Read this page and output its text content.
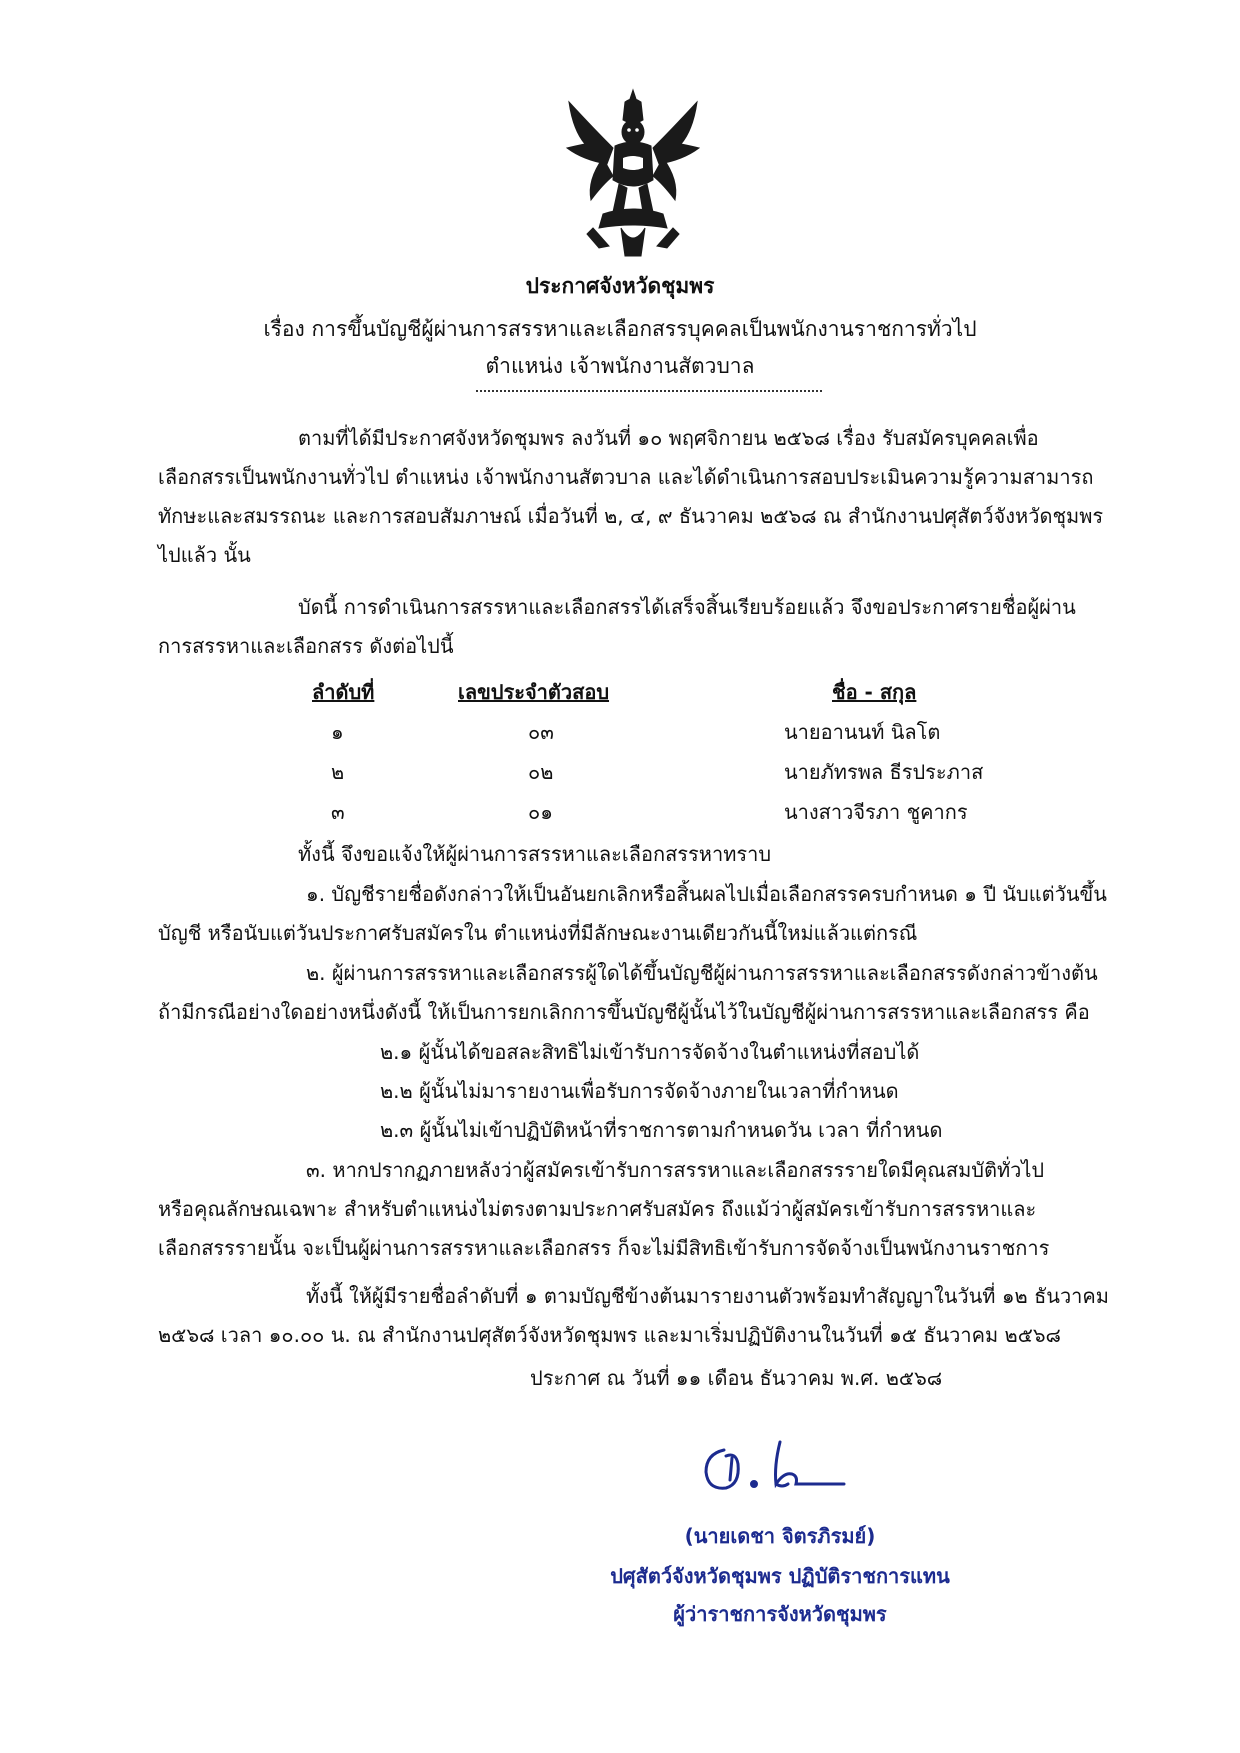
ประกาศจังหวัดชุมพร
เรื่อง การขึ้นบัญชีผู้ผ่านการสรรหาและเลือกสรรบุคคลเป็นพนักงานราชการทั่วไป
ตำแหน่ง เจ้าพนักงานสัตวบาล
ตามที่ได้มีประกาศจังหวัดชุมพร ลงวันที่ ๑๐ พฤศจิกายน ๒๕๖๘ เรื่อง รับสมัครบุคคลเพื่อ
เลือกสรรเป็นพนักงานทั่วไป ตำแหน่ง เจ้าพนักงานสัตวบาล และได้ดำเนินการสอบประเมินความรู้ความสามารถ
ทักษะและสมรรถนะ และการสอบสัมภาษณ์ เมื่อวันที่ ๒, ๔, ๙ ธันวาคม ๒๕๖๘ ณ สำนักงานปศุสัตว์จังหวัดชุมพร
ไปแล้ว นั้น
บัดนี้ การดำเนินการสรรหาและเลือกสรรได้เสร็จสิ้นเรียบร้อยแล้ว จึงขอประกาศรายชื่อผู้ผ่าน
การสรรหาและเลือกสรร ดังต่อไปนี้
ลำดับที่	เลขประจำตัวสอบ	ชื่อ - สกุล
๑	๐๓	นายอานนท์ นิลโต
๒	๐๒	นายภัทรพล ธีรประภาส
๓	๐๑	นางสาวจีรภา ชูคากร
ทั้งนี้ จึงขอแจ้งให้ผู้ผ่านการสรรหาและเลือกสรรหาทราบ
๑. บัญชีรายชื่อดังกล่าวให้เป็นอันยกเลิกหรือสิ้นผลไปเมื่อเลือกสรรครบกำหนด ๑ ปี นับแต่วันขึ้น
บัญชี หรือนับแต่วันประกาศรับสมัครใน ตำแหน่งที่มีลักษณะงานเดียวกันนี้ใหม่แล้วแต่กรณี
๒. ผู้ผ่านการสรรหาและเลือกสรรผู้ใดได้ขึ้นบัญชีผู้ผ่านการสรรหาและเลือกสรรดังกล่าวข้างต้น
ถ้ามีกรณีอย่างใดอย่างหนึ่งดังนี้ ให้เป็นการยกเลิกการขึ้นบัญชีผู้นั้นไว้ในบัญชีผู้ผ่านการสรรหาและเลือกสรร คือ
๒.๑ ผู้นั้นได้ขอสละสิทธิไม่เข้ารับการจัดจ้างในตำแหน่งที่สอบได้
๒.๒ ผู้นั้นไม่มารายงานเพื่อรับการจัดจ้างภายในเวลาที่กำหนด
๒.๓ ผู้นั้นไม่เข้าปฏิบัติหน้าที่ราชการตามกำหนดวัน เวลา ที่กำหนด
๓. หากปรากฏภายหลังว่าผู้สมัครเข้ารับการสรรหาและเลือกสรรรายใดมีคุณสมบัติทั่วไป
หรือคุณลักษณเฉพาะ สำหรับตำแหน่งไม่ตรงตามประกาศรับสมัคร ถึงแม้ว่าผู้สมัครเข้ารับการสรรหาและ
เลือกสรรรายนั้น จะเป็นผู้ผ่านการสรรหาและเลือกสรร ก็จะไม่มีสิทธิเข้ารับการจัดจ้างเป็นพนักงานราชการ
ทั้งนี้ ให้ผู้มีรายชื่อลำดับที่ ๑ ตามบัญชีข้างต้นมารายงานตัวพร้อมทำสัญญาในวันที่ ๑๒ ธันวาคม
๒๕๖๘ เวลา ๑๐.๐๐ น. ณ สำนักงานปศุสัตว์จังหวัดชุมพร และมาเริ่มปฏิบัติงานในวันที่ ๑๕ ธันวาคม ๒๕๖๘
ประกาศ ณ วันที่ ๑๑ เดือน ธันวาคม พ.ศ. ๒๕๖๘
(นายเดชา จิตรภิรมย์)
ปศุสัตว์จังหวัดชุมพร ปฏิบัติราชการแทน
ผู้ว่าราชการจังหวัดชุมพร
